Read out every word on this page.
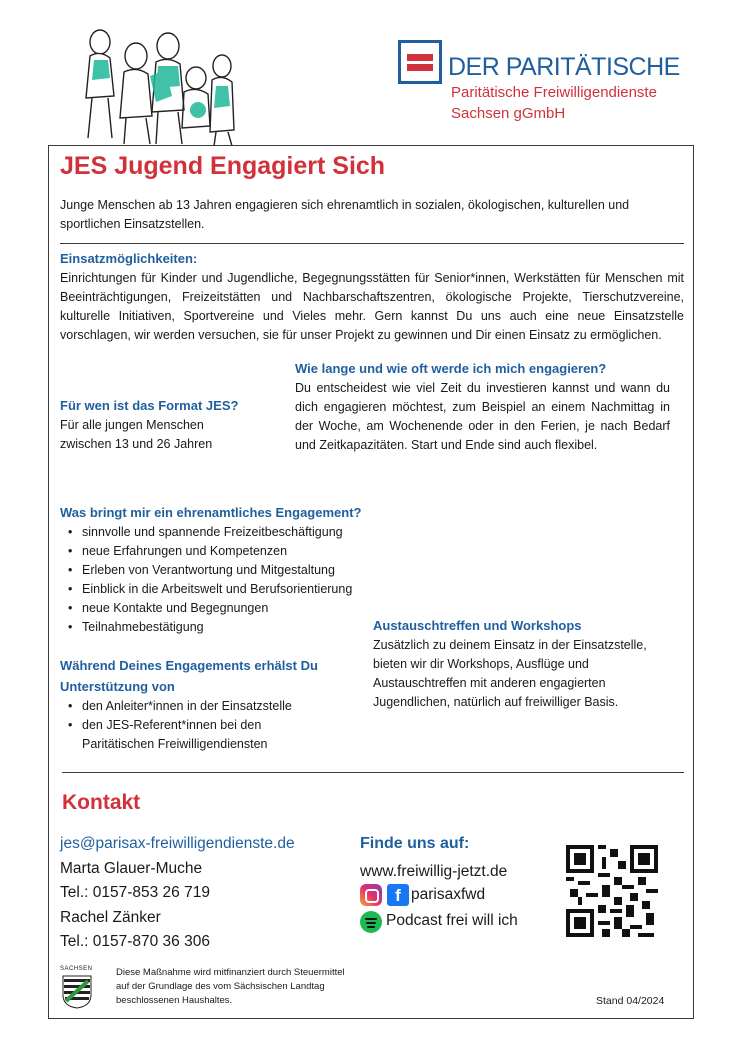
DER PARITÄTISCHE
Paritätische Freiwilligendienste
Sachsen gGmbH
JES Jugend Engagiert Sich
Junge Menschen ab 13 Jahren engagieren sich ehrenamtlich in sozialen, ökologischen, kulturellen und sportlichen Einsatzstellen.
Einsatzmöglichkeiten:
Einrichtungen für Kinder und Jugendliche, Begegnungsstätten für Senior*innen, Werkstätten für Menschen mit Beeinträchtigungen, Freizeitstätten und Nachbarschaftszentren, ökologische Projekte, Tierschutzvereine, kulturelle Initiativen, Sportvereine und Vieles mehr. Gern kannst Du uns auch eine neue Einsatzstelle vorschlagen, wir werden versuchen, sie für unser Projekt zu gewinnen und Dir einen Einsatz zu ermöglichen.
Wie lange und wie oft werde ich mich engagieren?
Du entscheidest wie viel Zeit du investieren kannst und wann du dich engagieren möchtest, zum Beispiel an einem Nachmittag in der Woche, am Wochenende oder in den Ferien, je nach Bedarf und Zeitkapazitäten. Start und Ende sind auch flexibel.
Für wen ist das Format JES?
Für alle jungen Menschen
zwischen 13 und 26 Jahren
Was bringt mir ein ehrenamtliches Engagement?
• sinnvolle und spannende Freizeitbeschäftigung
• neue Erfahrungen und Kompetenzen
• Erleben von Verantwortung und Mitgestaltung
• Einblick in die Arbeitswelt und Berufsorientierung
• neue Kontakte und Begegnungen
• Teilnahmebestätigung	Austauschtreffen und Workshops
Zusätzlich zu deinem Einsatz in der Einsatzstelle, bieten wir dir Workshops, Ausflüge und Austauschtreffen mit anderen engagierten Jugendlichen, natürlich auf freiwilliger Basis.
Während Deines Engagements erhälst Du
Unterstützung von
• den Anleiter*innen in der Einsatzstelle
• den JES-Referent*innen bei den
Paritätischen Freiwilligendiensten
Kontakt
jes@parisax-freiwilligendienste.de
Marta Glauer-Muche
Tel.: 0157-853 26 719
Rachel Zänker
Tel.: 0157-870 36 306
Finde uns auf:
www.freiwillig-jetzt.de
f parisaxfwd
Podcast frei will ich
SACHSEN Diese Maßnahme wird mitfinanziert durch Steuermittel
auf der Grundlage des vom Sächsischen Landtag
beschlossenen Haushaltes.	Stand 04/2024
